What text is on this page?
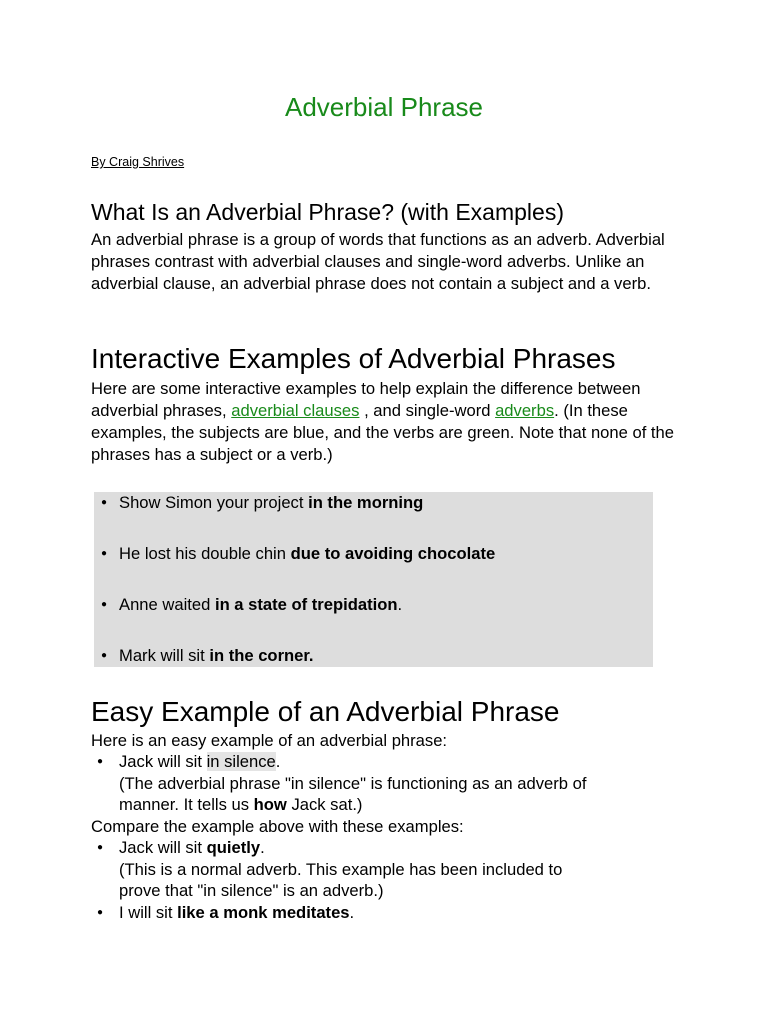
Adverbial Phrase
By Craig Shrives
What Is an Adverbial Phrase? (with Examples)

An adverbial phrase is a group of words that functions as an adverb. Adverbial phrases contrast with adverbial clauses and single-word adverbs. Unlike an adverbial clause, an adverbial phrase does not contain a subject and a verb.

Interactive Examples of Adverbial Phrases

Here are some interactive examples to help explain the difference between adverbial phrases, adverbial clauses , and single-word adverbs. (In these examples, the subjects are blue, and the verbs are green. Note that none of the phrases has a subject or a verb.)

● Show Simon your project in the morning
● He lost his double chin due to avoiding chocolate
● Anne waited in a state of trepidation.
● Mark will sit in the corner.
Easy Example of an Adverbial Phrase

Here is an easy example of an adverbial phrase:

● Jack will sit in silence.
(The adverbial phrase "in silence" is functioning as an adverb of
manner. It tells us how Jack sat.)

Compare the example above with these examples:

● Jack will sit quietly.
(This is a normal adverb. This example has been included to
prove that "in silence" is an adverb.)
● I will sit like a monk meditates.
